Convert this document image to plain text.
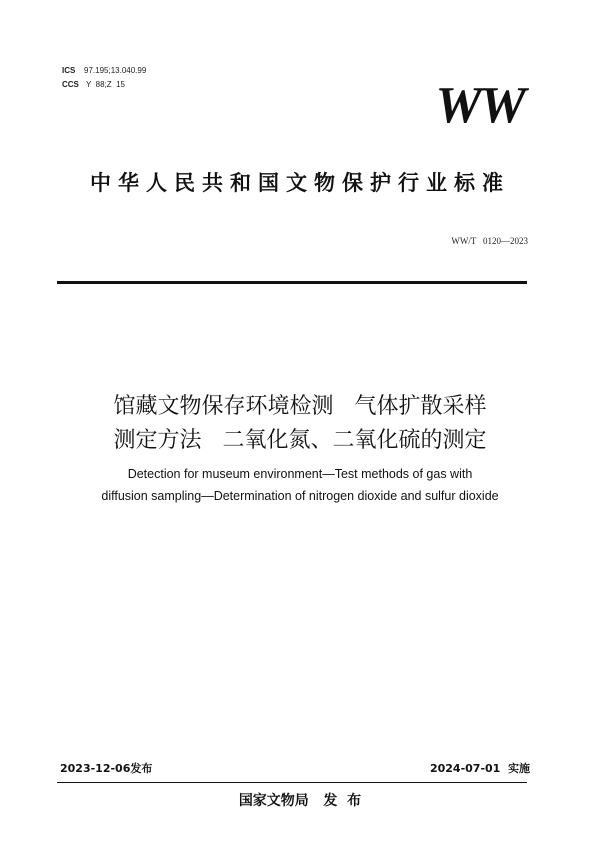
ICS 97.195;13.040.99
CCS Y  88;Z  15	WW
中华人民共和国文物保护行业标准
WW/T   0120—2023
馆藏文物保存环境检测   气体扩散采样
测定方法   二氧化氮、二氧化硫的测定
Detection for museum environment—Test methods of gas with
diffusion sampling—Determination of nitrogen dioxide and sulfur dioxide
2023-12-06发布	2024-07-01  实施
国家文物局   发  布
